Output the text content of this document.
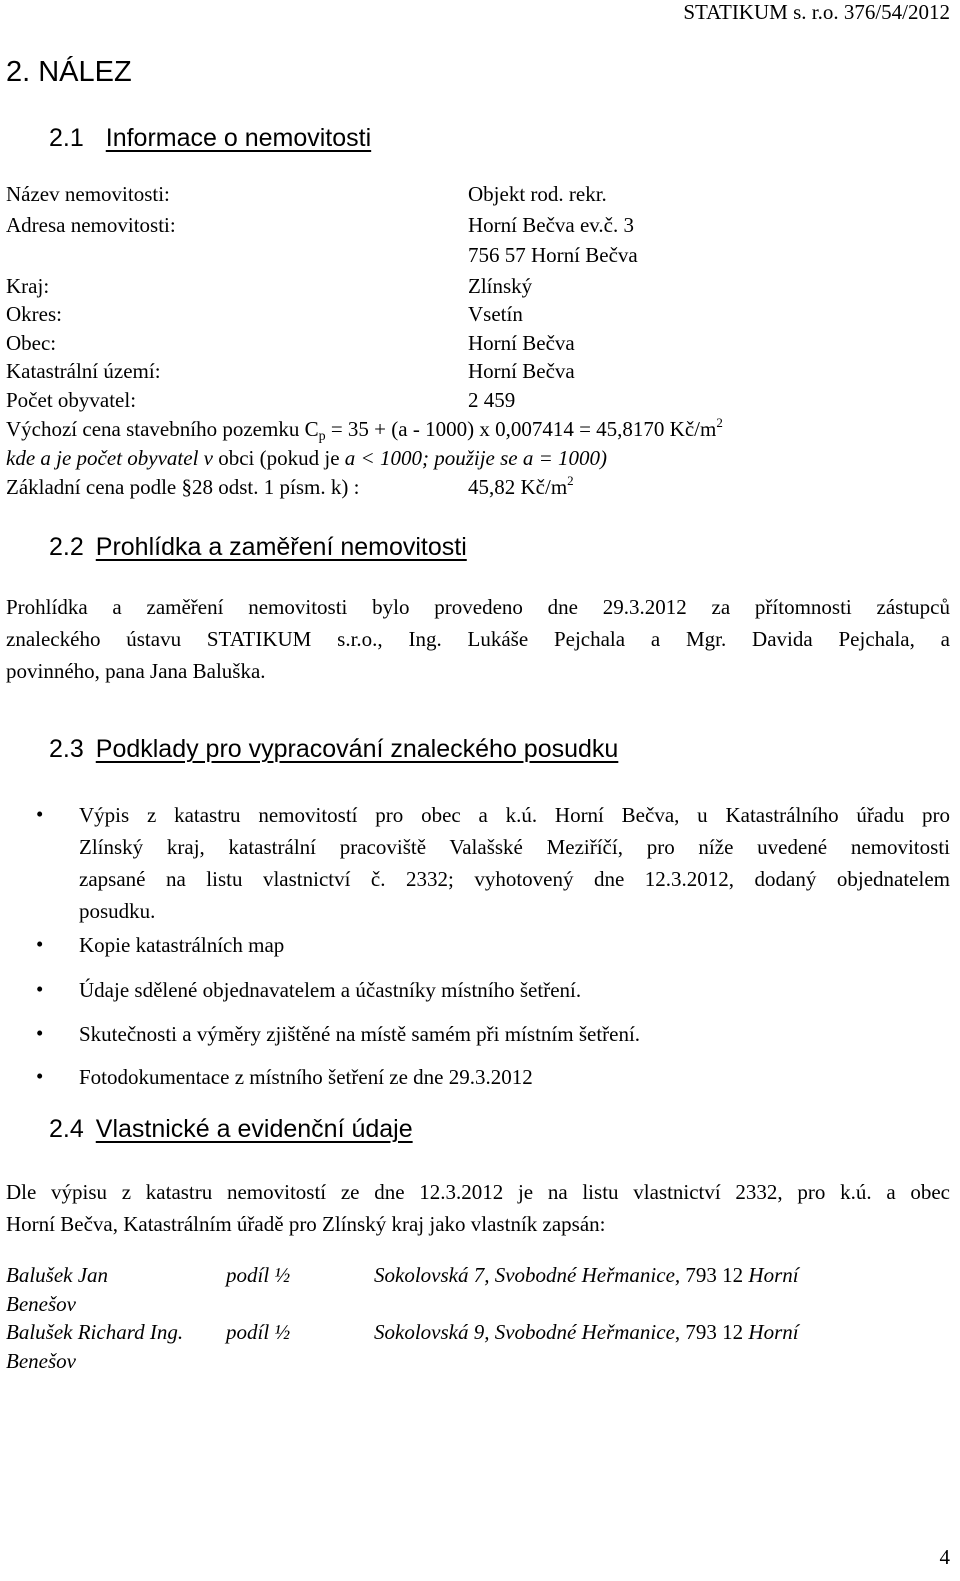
STATIKUM s. r.o. 376/54/2012
2. NÁLEZ
2.1 Informace o nemovitosti
Název nemovitosti:	Objekt rod. rekr.
Adresa nemovitosti:	Horní Bečva ev.č. 3
756 57 Horní Bečva
Kraj:	Zlínský
Okres:	Vsetín
Obec:	Horní Bečva
Katastrální území:	Horní Bečva
Počet obyvatel:	2 459
Výchozí cena stavebního pozemku $C_p = 35 + (a - 1000)$ x 0,007414 = 45,8170 $Kč/m^2$
kde a je počet obyvatel v obci (pokud je a < 1000; použije se a = 1000)
Základní cena podle §28 odst. 1 písm. k) :	45,82 $Kč/m^2$
2.2 Prohlídka a zaměření nemovitosti
Prohlídka a zaměření nemovitosti bylo provedeno dne 29.3.2012 za přítomnosti zástupců
znaleckého ústavu STATIKUM s.r.o., Ing. Lukáše Pejchala a Mgr. Davida Pejchala, a
povinného, pana Jana Baluška.
2.3 Podklady pro vypracování znaleckého posudku
• Výpis z katastru nemovitostí pro obec a k.ú. Horní Bečva, u Katastrálního úřadu pro
Zlínský kraj, katastrální pracoviště Valašské Meziříčí, pro níže uvedené nemovitosti
zapsané na listu vlastnictví č. 2332; vyhotovený dne 12.3.2012, dodaný objednatelem
posudku.
• Kopie katastrálních map
• Údaje sdělené objednavatelem a účastníky místního šetření.
• Skutečnosti a výměry zjištěné na místě samém při místním šetření.
• Fotodokumentace z místního šetření ze dne 29.3.2012
2.4 Vlastnické a evidenční údaje
Dle výpisu z katastru nemovitostí ze dne 12.3.2012 je na listu vlastnictví 2332, pro k.ú. a obec
Horní Bečva, Katastrálním úřadě pro Zlínský kraj jako vlastník zapsán:
Balušek Jan	podíl ½	Sokolovská 7, Svobodné Heřmanice, 793 12 Horní
Benešov
Balušek Richard Ing. podíl ½	Sokolovská 9, Svobodné Heřmanice, 793 12 Horní
Benešov
4
